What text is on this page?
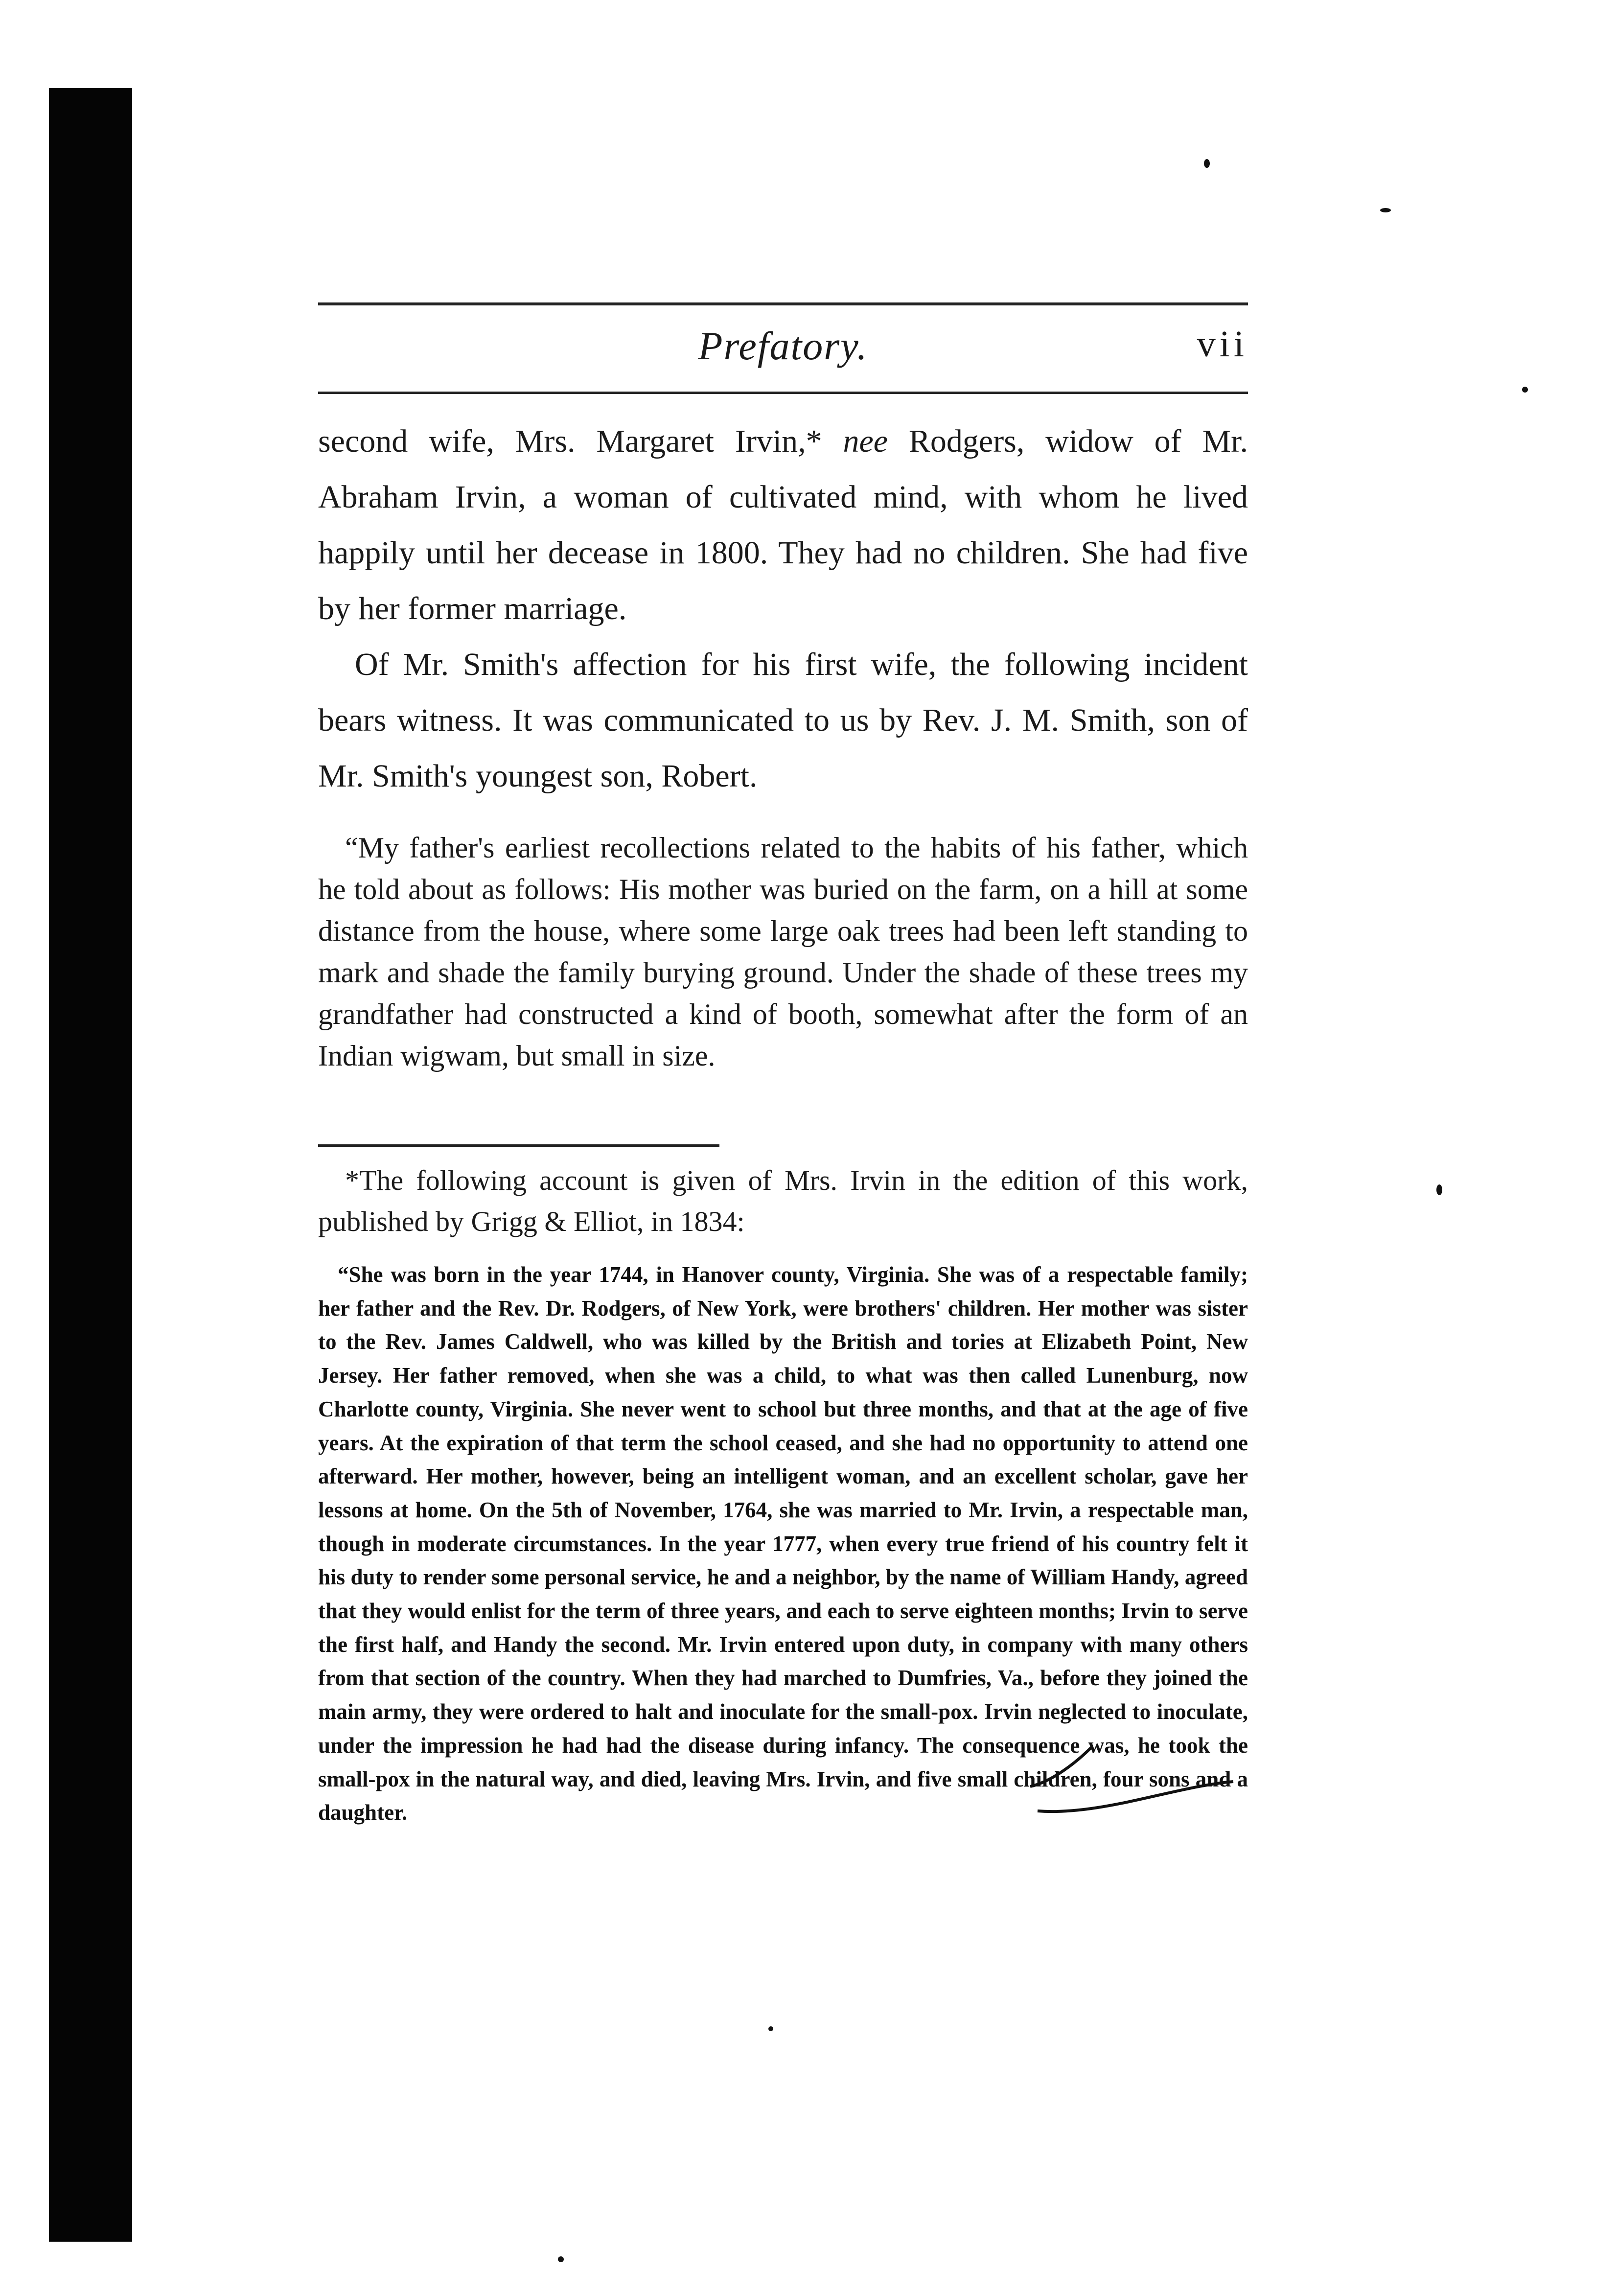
Prefatory.	vii

second wife, Mrs. Margaret Irvin,* nee Rodgers, widow of Mr. Abraham Irvin, a woman of cultivated mind, with whom he lived happily until her decease in 1800. They had no children. She had five by her former marriage.

Of Mr. Smith's affection for his first wife, the following incident bears witness. It was communicated to us by Rev. J. M. Smith, son of Mr. Smith's youngest son, Robert.

“My father's earliest recollections related to the habits of his father, which he told about as follows: His mother was buried on the farm, on a hill at some distance from the house, where some large oak trees had been left standing to mark and shade the family burying ground. Under the shade of these trees my grandfather had constructed a kind of booth, somewhat after the form of an Indian wigwam, but small in size.

*The following account is given of Mrs. Irvin in the edition of this work, published by Grigg & Elliot, in 1834:

“She was born in the year 1744, in Hanover county, Virginia. She was of a respectable family; her father and the Rev. Dr. Rodgers, of New York, were brothers' children. Her mother was sister to the Rev. James Caldwell, who was killed by the British and tories at Elizabeth Point, New Jersey. Her father removed, when she was a child, to what was then called Lunenburg, now Charlotte county, Virginia. She never went to school but three months, and that at the age of five years. At the expiration of that term the school ceased, and she had no opportunity to attend one afterward. Her mother, however, being an intelligent woman, and an excellent scholar, gave her lessons at home. On the 5th of November, 1764, she was married to Mr. Irvin, a respectable man, though in moderate circumstances. In the year 1777, when every true friend of his country felt it his duty to render some personal service, he and a neighbor, by the name of William Handy, agreed that they would enlist for the term of three years, and each to serve eighteen months; Irvin to serve the first half, and Handy the second. Mr. Irvin entered upon duty, in company with many others from that section of the country. When they had marched to Dumfries, Va., before they joined the main army, they were ordered to halt and inoculate for the small-pox. Irvin neglected to inoculate, under the impression he had had the disease during infancy. The consequence was, he took the small-pox in the natural way, and died, leaving Mrs. Irvin, and five small children, four sons and a daughter.
